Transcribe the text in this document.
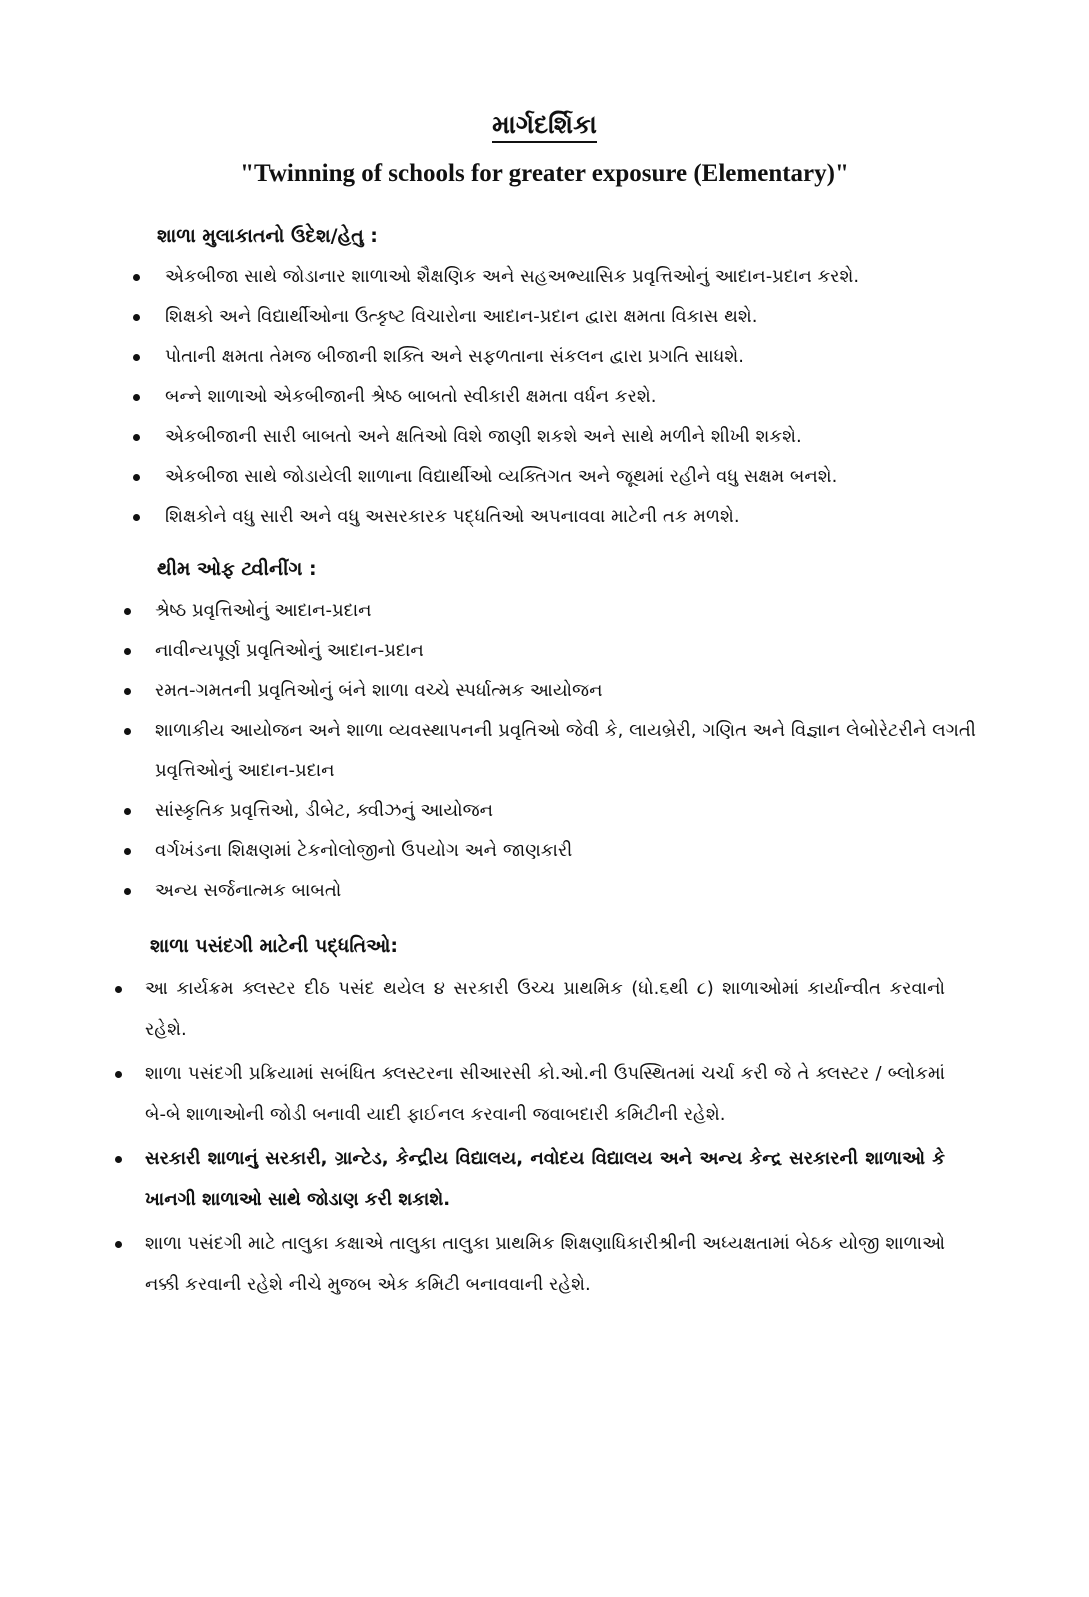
માર્ગદર્શિકા
"Twinning of schools for greater exposure (Elementary)"
શાળા મુલાકાતનો ઉદેશ/હેતુ :
એકબીજા સાથે જોડાનાર શાળાઓ શૈક્ષણિક અને સહઅભ્યાસિક પ્રવૃત્તિઓનું આદાન-પ્રદાન કરશે.
શિક્ષકો અને વિદ્યાર્થીઓના ઉત્કૃષ્ટ વિચારોના આદાન-પ્રદાન દ્વારા ક્ષમતા વિકાસ થશે.
પોતાની ક્ષમતા તેમજ બીજાની શક્તિ અને સફળતાના સંકલન દ્વારા પ્રગતિ સાધશે.
બન્ને શાળાઓ એકબીજાની શ્રેષ્ઠ બાબતો સ્વીકારી ક્ષમતા વર્ધન કરશે.
એકબીજાની સારી બાબતો અને ક્ષતિઓ વિશે જાણી શકશે અને સાથે મળીને શીખી શકશે.
એકબીજા સાથે જોડાયેલી શાળાના વિદ્યાર્થીઓ વ્યક્તિગત અને જૂથમાં રહીને વધુ સક્ષમ બનશે.
શિક્ષકોને વધુ સારી અને વધુ અસરકારક પદ્ધતિઓ અપનાવવા માટેની તક મળશે.
થીમ ઓફ ટ્વીનીંગ :
શ્રેષ્ઠ પ્રવૃત્તિઓનું આદાન-પ્રદાન
નાવીન્યપૂર્ણ પ્રવૃતિઓનું આદાન-પ્રદાન
રમત-ગમતની પ્રવૃતિઓનું બંને શાળા વચ્ચે સ્પર્ધાત્મક આયોજન
શાળાકીય આયોજન અને શાળા વ્યવસ્થાપનની પ્રવૃતિઓ જેવી કે, લાયબ્રેરી, ગણિત અને વિજ્ઞાન લેબોરેટરીને લગતી પ્રવૃત્તિઓનું આદાન-પ્રદાન
સાંસ્કૃતિક પ્રવૃત્તિઓ, ડીબેટ, ક્વીઝનું આયોજન
વર્ગખંડના શિક્ષણમાં ટેકનોલોજીનો ઉપયોગ અને જાણકારી
અન્ય સર્જનાત્મક બાબતો
શાળા પસંદગી માટેની પદ્ધતિઓ:
આ કાર્યક્રમ ક્લસ્ટર દીઠ પસંદ થયેલ ૪ સરકારી ઉચ્ચ પ્રાથમિક (ધો.૬થી ૮) શાળાઓમાં કાર્યાન્વીત કરવાનો રહેશે.
શાળા પસંદગી પ્રક્રિયામાં સબંધિત ક્લસ્ટરના સીઆરસી કો.ઓ.ની ઉપસ્થિતમાં ચર્ચા કરી જે તે ક્લસ્ટર / બ્લોકમાં બે-બે શાળાઓની જોડી બનાવી યાદી ફાઈનલ કરવાની જવાબદારી કમિટીની રહેશે.
સરકારી શાળાનું સરકારી, ગ્રાન્ટેડ, કેન્દ્રીય વિદ્યાલય, નવોદય વિદ્યાલય અને અન્ય કેન્દ્ર સરકારની શાળાઓ કે ખાનગી શાળાઓ સાથે જોડાણ કરી શકાશે.
શાળા પસંદગી માટે તાલુકા કક્ષાએ તાલુકા તાલુકા પ્રાથમિક શિક્ષણાધિકારીશ્રીની અધ્યક્ષતામાં બેઠક યોજી શાળાઓ નક્કી કરવાની રહેશે નીચે મુજબ એક કમિટી બનાવવાની રહેશે.
